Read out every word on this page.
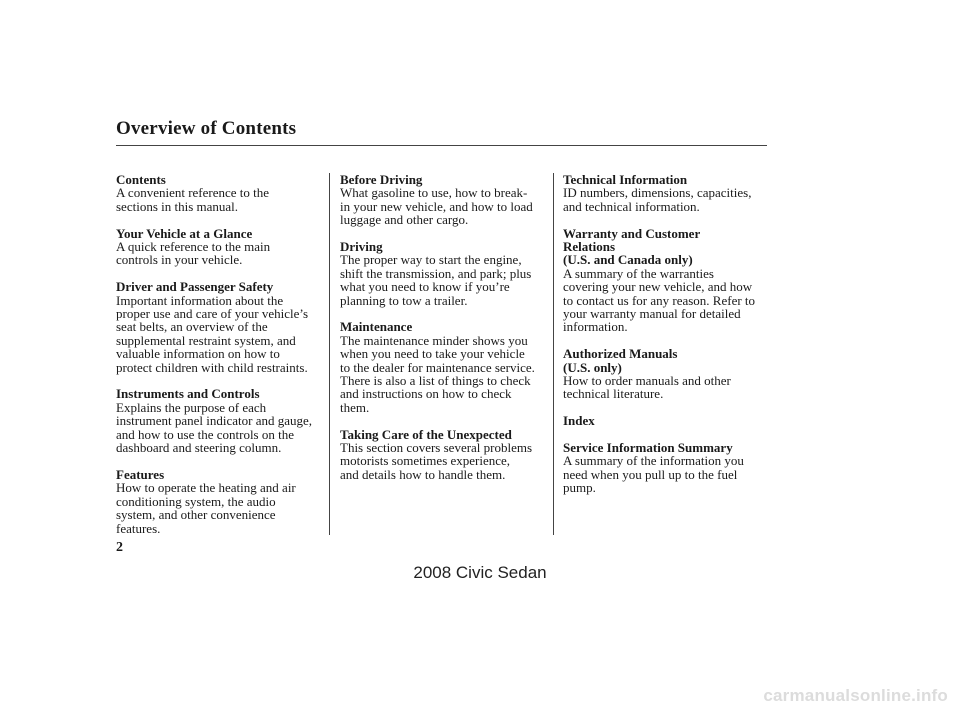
Overview of Contents
Contents
A convenient reference to the
sections in this manual.
Your Vehicle at a Glance
A quick reference to the main
controls in your vehicle.
Driver and Passenger Safety
Important information about the
proper use and care of your vehicle’s
seat belts, an overview of the
supplemental restraint system, and
valuable information on how to
protect children with child restraints.
Instruments and Controls
Explains the purpose of each
instrument panel indicator and gauge,
and how to use the controls on the
dashboard and steering column.
Features
How to operate the heating and air
conditioning system, the audio
system, and other convenience
features.
Before Driving
What gasoline to use, how to break-
in your new vehicle, and how to load
luggage and other cargo.
Driving
The proper way to start the engine,
shift the transmission, and park; plus
what you need to know if you’re
planning to tow a trailer.
Maintenance
The maintenance minder shows you
when you need to take your vehicle
to the dealer for maintenance service.
There is also a list of things to check
and instructions on how to check
them.
Taking Care of the Unexpected
This section covers several problems
motorists sometimes experience,
and details how to handle them.
Technical Information
ID numbers, dimensions, capacities,
and technical information.
Warranty and Customer
Relations
(U.S. and Canada only)
A summary of the warranties
covering your new vehicle, and how
to contact us for any reason. Refer to
your warranty manual for detailed
information.
Authorized Manuals
(U.S. only)
How to order manuals and other
technical literature.
Index
Service Information Summary
A summary of the information you
need when you pull up to the fuel
pump.
2
2008 Civic Sedan
carmanualsonline.info
